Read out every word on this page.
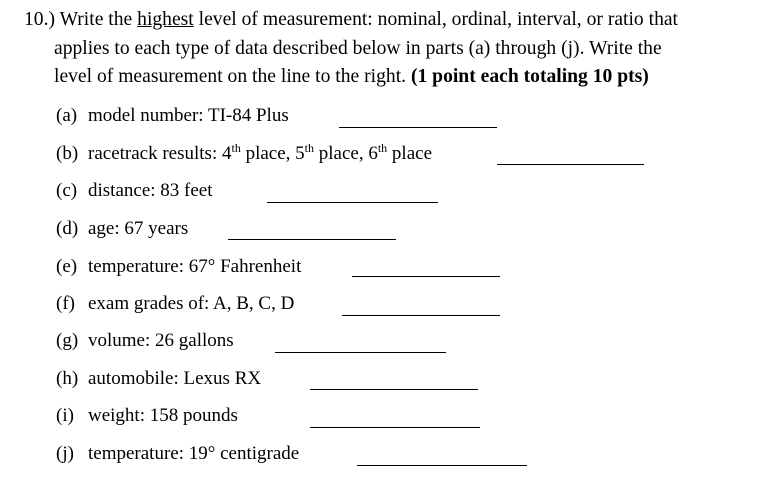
10.) Write the highest level of measurement: nominal, ordinal, interval, or ratio that
applies to each type of data described below in parts (a) through (j). Write the
level of measurement on the line to the right. (1 point each totaling 10 pts)
(a) model number: TI-84 Plus
(b) racetrack results: 4th place, 5th place, 6th place
(c) distance: 83 feet
(d) age: 67 years
(e) temperature: 67° Fahrenheit
(f) exam grades of: A, B, C, D
(g) volume: 26 gallons
(h) automobile: Lexus RX
(i) weight: 158 pounds
(j) temperature: 19° centigrade
